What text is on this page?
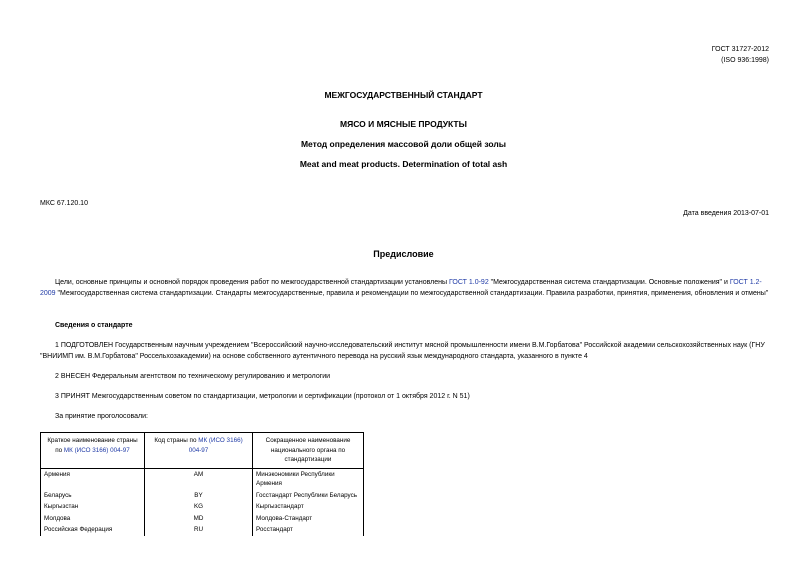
ГОСТ 31727-2012
(ISO 936:1998)
МЕЖГОСУДАРСТВЕННЫЙ СТАНДАРТ
МЯСО И МЯСНЫЕ ПРОДУКТЫ
Метод определения массовой доли общей золы
Meat and meat products. Determination of total ash
МКС 67.120.10
Дата введения 2013-07-01
Предисловие
Цели, основные принципы и основной порядок проведения работ по межгосударственной стандартизации установлены ГОСТ 1.0-92 "Межгосударственная система стандартизации. Основные положения" и ГОСТ 1.2-2009 "Межгосударственная система стандартизации. Стандарты межгосударственные, правила и рекомендации по межгосударственной стандартизации. Правила разработки, принятия, применения, обновления и отмены"
Сведения о стандарте
1 ПОДГОТОВЛЕН Государственным научным учреждением "Всероссийский научно-исследовательский институт мясной промышленности имени В.М.Горбатова" Российской академии сельскохозяйственных наук (ГНУ "ВНИИМП им. В.М.Горбатова" Россельхозакадемии) на основе собственного аутентичного перевода на русский язык международного стандарта, указанного в пункте 4
2 ВНЕСЕН Федеральным агентством по техническому регулированию и метрологии
3 ПРИНЯТ Межгосударственным советом по стандартизации, метрологии и сертификации (протокол от 1 октября 2012 г. N 51)
За принятие проголосовали:
Краткое наименование страны по МК (ИСО 3166) 004-97	Код страны по МК (ИСО 3166) 004-97	Сокращенное наименование национального органа по стандартизации
Армения	AM	Минэкономики Республики Армения
Беларусь	BY	Госстандарт Республики Беларусь
Кыргызстан	KG	Кыргызстандарт
Молдова	MD	Молдова-Стандарт
Российская Федерация	RU	Росстандарт
